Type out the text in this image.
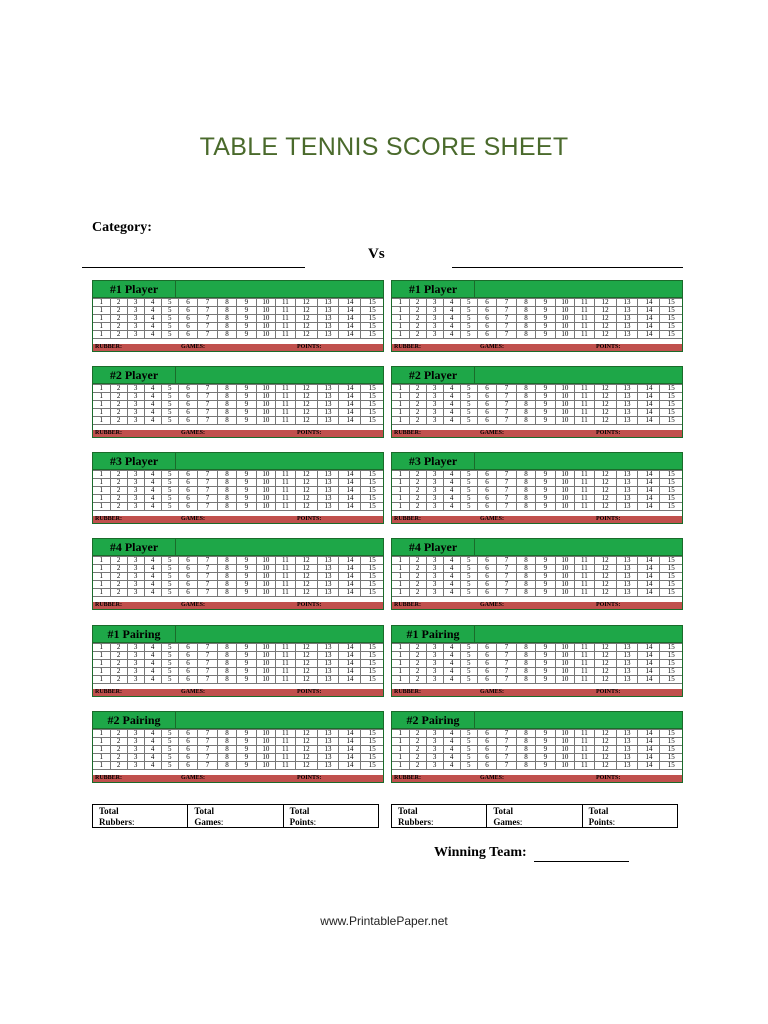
TABLE TENNIS SCORE SHEET
Category:
Vs
#1 Player
1	2	3	4	5	6	7	8	9	10	11	12	13	14	15
1	2	3	4	5	6	7	8	9	10	11	12	13	14	15
1	2	3	4	5	6	7	8	9	10	11	12	13	14	15
1	2	3	4	5	6	7	8	9	10	11	12	13	14	15
1	2	3	4	5	6	7	8	9	10	11	12	13	14	15
RUBBER:	GAMES:	POINTS:
#1 Player
1	2	3	4	5	6	7	8	9	10	11	12	13	14	15
1	2	3	4	5	6	7	8	9	10	11	12	13	14	15
1	2	3	4	5	6	7	8	9	10	11	12	13	14	15
1	2	3	4	5	6	7	8	9	10	11	12	13	14	15
1	2	3	4	5	6	7	8	9	10	11	12	13	14	15
RUBBER:	GAMES:	POINTS:
#2 Player
1	2	3	4	5	6	7	8	9	10	11	12	13	14	15
1	2	3	4	5	6	7	8	9	10	11	12	13	14	15
1	2	3	4	5	6	7	8	9	10	11	12	13	14	15
1	2	3	4	5	6	7	8	9	10	11	12	13	14	15
1	2	3	4	5	6	7	8	9	10	11	12	13	14	15
RUBBER:	GAMES:	POINTS:
#2 Player
1	2	3	4	5	6	7	8	9	10	11	12	13	14	15
1	2	3	4	5	6	7	8	9	10	11	12	13	14	15
1	2	3	4	5	6	7	8	9	10	11	12	13	14	15
1	2	3	4	5	6	7	8	9	10	11	12	13	14	15
1	2	3	4	5	6	7	8	9	10	11	12	13	14	15
RUBBER:	GAMES:	POINTS:
#3 Player
1	2	3	4	5	6	7	8	9	10	11	12	13	14	15
1	2	3	4	5	6	7	8	9	10	11	12	13	14	15
1	2	3	4	5	6	7	8	9	10	11	12	13	14	15
1	2	3	4	5	6	7	8	9	10	11	12	13	14	15
1	2	3	4	5	6	7	8	9	10	11	12	13	14	15
RUBBER:	GAMES:	POINTS:
#3 Player
1	2	3	4	5	6	7	8	9	10	11	12	13	14	15
1	2	3	4	5	6	7	8	9	10	11	12	13	14	15
1	2	3	4	5	6	7	8	9	10	11	12	13	14	15
1	2	3	4	5	6	7	8	9	10	11	12	13	14	15
1	2	3	4	5	6	7	8	9	10	11	12	13	14	15
RUBBER:	GAMES:	POINTS:
#4 Player
1	2	3	4	5	6	7	8	9	10	11	12	13	14	15
1	2	3	4	5	6	7	8	9	10	11	12	13	14	15
1	2	3	4	5	6	7	8	9	10	11	12	13	14	15
1	2	3	4	5	6	7	8	9	10	11	12	13	14	15
1	2	3	4	5	6	7	8	9	10	11	12	13	14	15
RUBBER:	GAMES:	POINTS:
#4 Player
1	2	3	4	5	6	7	8	9	10	11	12	13	14	15
1	2	3	4	5	6	7	8	9	10	11	12	13	14	15
1	2	3	4	5	6	7	8	9	10	11	12	13	14	15
1	2	3	4	5	6	7	8	9	10	11	12	13	14	15
1	2	3	4	5	6	7	8	9	10	11	12	13	14	15
RUBBER:	GAMES:	POINTS:
#1 Pairing
1	2	3	4	5	6	7	8	9	10	11	12	13	14	15
1	2	3	4	5	6	7	8	9	10	11	12	13	14	15
1	2	3	4	5	6	7	8	9	10	11	12	13	14	15
1	2	3	4	5	6	7	8	9	10	11	12	13	14	15
1	2	3	4	5	6	7	8	9	10	11	12	13	14	15
RUBBER:	GAMES:	POINTS:
#1 Pairing
1	2	3	4	5	6	7	8	9	10	11	12	13	14	15
1	2	3	4	5	6	7	8	9	10	11	12	13	14	15
1	2	3	4	5	6	7	8	9	10	11	12	13	14	15
1	2	3	4	5	6	7	8	9	10	11	12	13	14	15
1	2	3	4	5	6	7	8	9	10	11	12	13	14	15
RUBBER:	GAMES:	POINTS:
#2 Pairing
1	2	3	4	5	6	7	8	9	10	11	12	13	14	15
1	2	3	4	5	6	7	8	9	10	11	12	13	14	15
1	2	3	4	5	6	7	8	9	10	11	12	13	14	15
1	2	3	4	5	6	7	8	9	10	11	12	13	14	15
1	2	3	4	5	6	7	8	9	10	11	12	13	14	15
RUBBER:	GAMES:	POINTS:
#2 Pairing
1	2	3	4	5	6	7	8	9	10	11	12	13	14	15
1	2	3	4	5	6	7	8	9	10	11	12	13	14	15
1	2	3	4	5	6	7	8	9	10	11	12	13	14	15
1	2	3	4	5	6	7	8	9	10	11	12	13	14	15
1	2	3	4	5	6	7	8	9	10	11	12	13	14	15
RUBBER:	GAMES:	POINTS:
Total
Rubbers :
Total
Games :
Total
Points :
Total
Rubbers :
Total
Games :
Total
Points :
Winning Team:
www.PrintablePaper.net
